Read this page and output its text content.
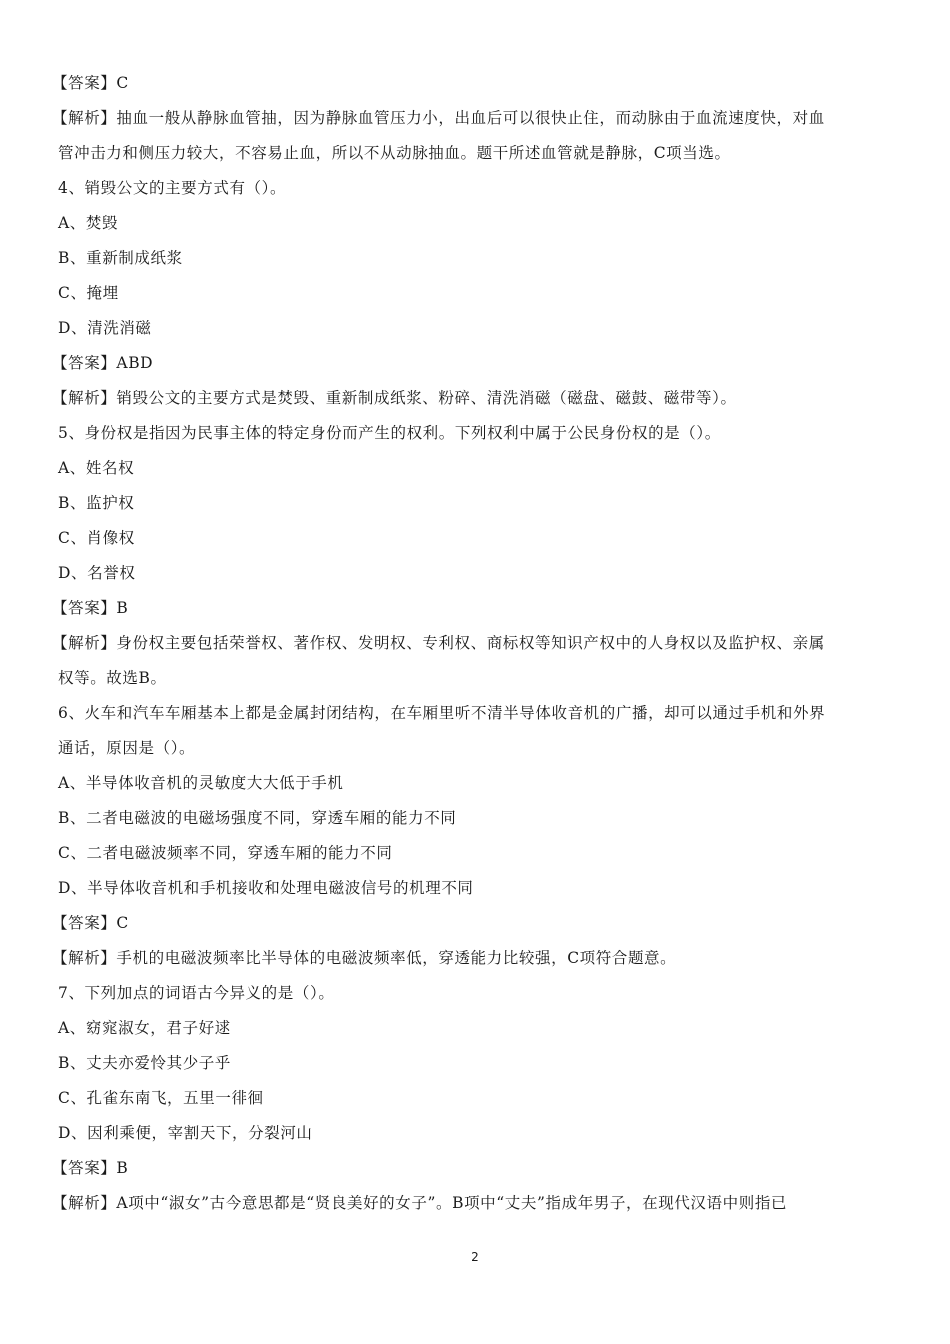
【答案】C
【解析】抽血一般从静脉血管抽，因为静脉血管压力小，出血后可以很快止住，而动脉由于血流速度快，对血
管冲击力和侧压力较大，不容易止血，所以不从动脉抽血。题干所述血管就是静脉，C项当选。
4、销毁公文的主要方式有（）。
A、焚毁
B、重新制成纸浆
C、掩埋
D、清洗消磁
【答案】ABD
【解析】销毁公文的主要方式是焚毁、重新制成纸浆、粉碎、清洗消磁（磁盘、磁鼓、磁带等）。
5、身份权是指因为民事主体的特定身份而产生的权利。下列权利中属于公民身份权的是（）。
A、姓名权
B、监护权
C、肖像权
D、名誉权
【答案】B
【解析】身份权主要包括荣誉权、著作权、发明权、专利权、商标权等知识产权中的人身权以及监护权、亲属
权等。故选B。
6、火车和汽车车厢基本上都是金属封闭结构，在车厢里听不清半导体收音机的广播，却可以通过手机和外界
通话，原因是（）。
A、半导体收音机的灵敏度大大低于手机
B、二者电磁波的电磁场强度不同，穿透车厢的能力不同
C、二者电磁波频率不同，穿透车厢的能力不同
D、半导体收音机和手机接收和处理电磁波信号的机理不同
【答案】C
【解析】手机的电磁波频率比半导体的电磁波频率低，穿透能力比较强，C项符合题意。
7、下列加点的词语古今异义的是（）。
A、窈窕淑女，君子好逑
B、丈夫亦爱怜其少子乎
C、孔雀东南飞，五里一徘徊
D、因利乘便，宰割天下，分裂河山
【答案】B
【解析】A项中“淑女”古今意思都是“贤良美好的女子”。B项中“丈夫”指成年男子，在现代汉语中则指已
2
